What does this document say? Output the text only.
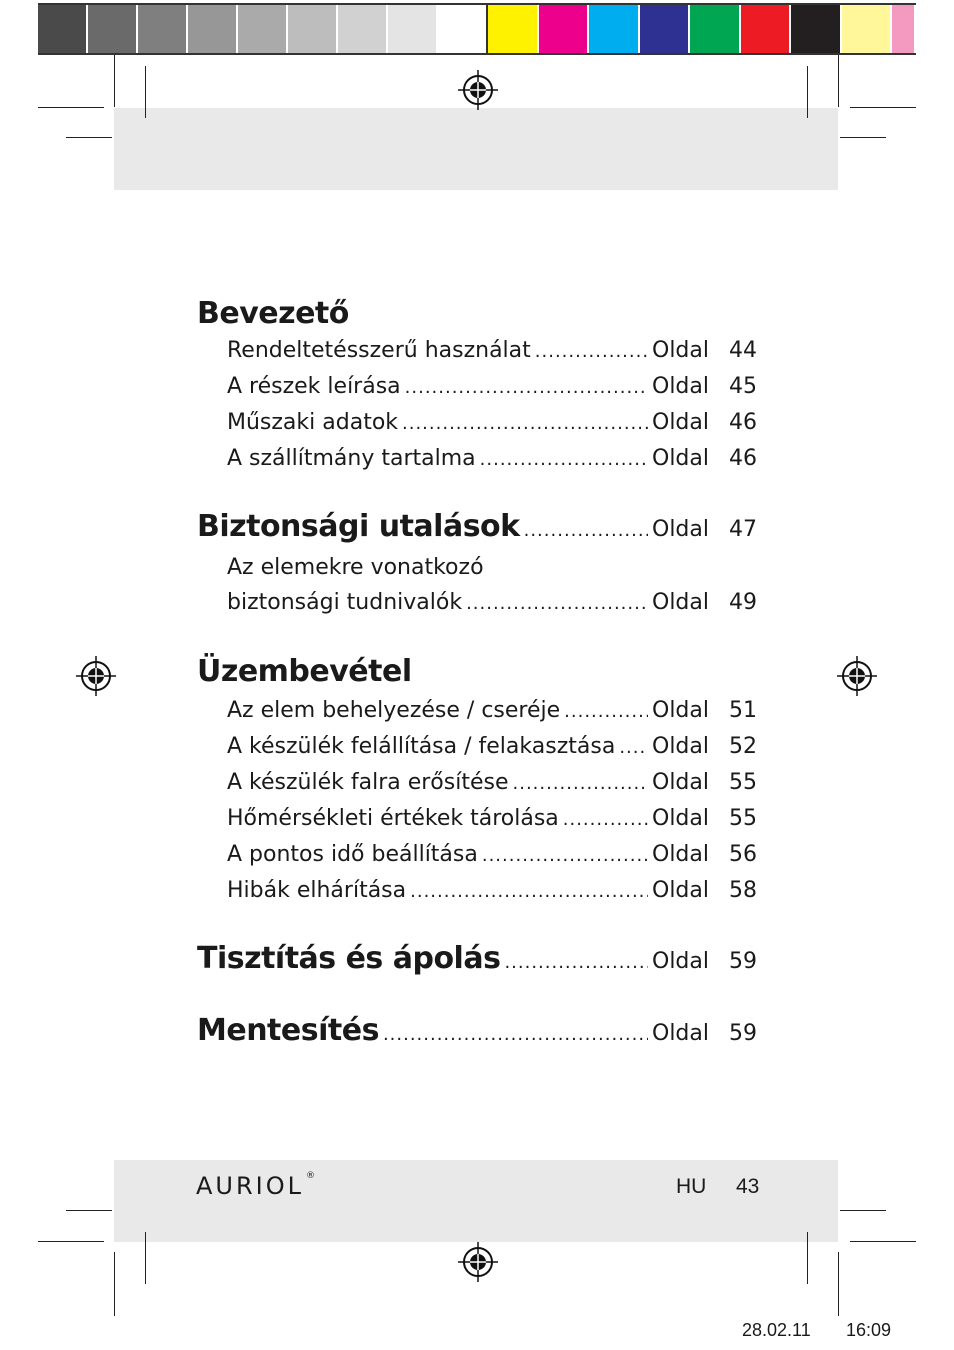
Bevezető
Rendeltetésszerű használat .....	Oldal 44
A részek leírása .....	Oldal 45
Műszaki adatok .....	Oldal 46
A szállítmány tartalma .....	Oldal 46
Biztonsági utalások .....	Oldal 47
Az elemekre vonatkozó
biztonsági tudnivalók .....	Oldal 49
Üzembevétel
Az elem behelyezése / cseréje .....	Oldal 51
A készülék felállítása / felakasztása ..... Oldal 52
A készülék falra erősítése .....	Oldal 55
Hőmérsékleti értékek tárolása .....	Oldal 55
A pontos idő beállítása .....	Oldal 56
Hibák elhárítása .....	Oldal 58
Tisztítás és ápolás .....	Oldal 59
Mentesítés .....	Oldal 59
AURIOL ®	HU 43
28.02.11 16:09
